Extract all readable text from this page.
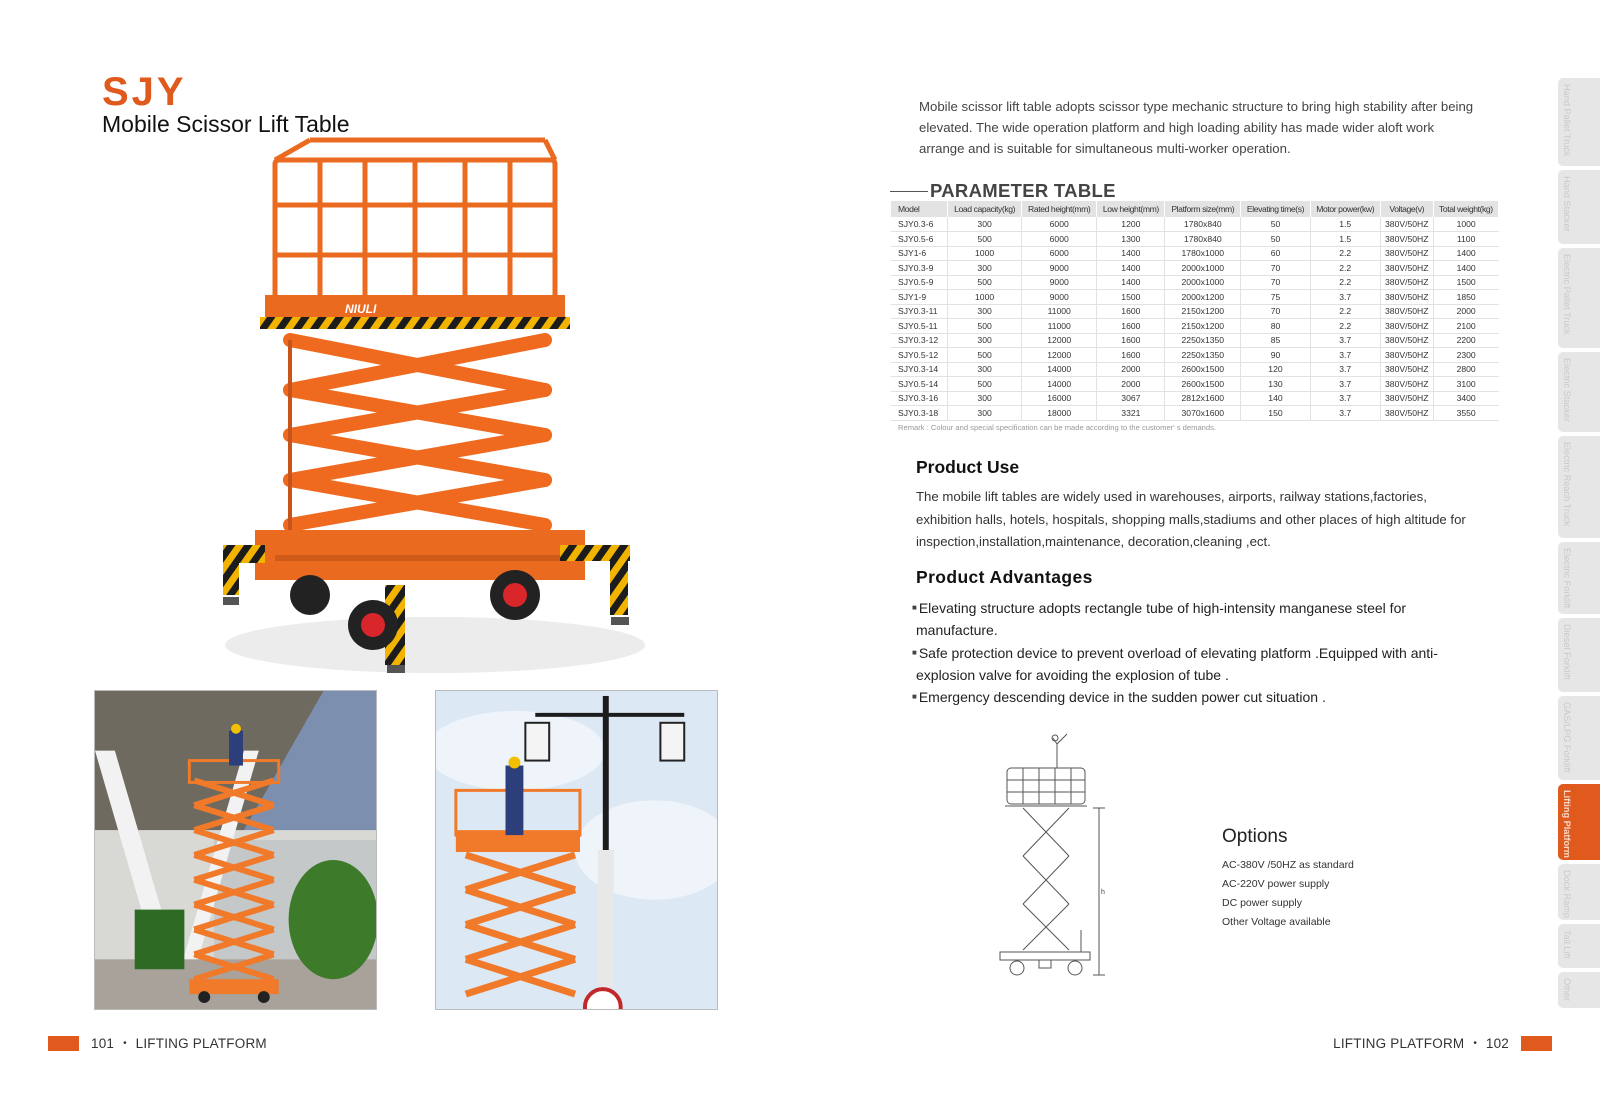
SJY
Mobile Scissor Lift Table
NIULI

Mobile scissor lift table adopts scissor type mechanic structure to bring high stability after being elevated. The wide operation platform and high loading ability has made wider aloft work arrange and is suitable for simultaneous multi-worker operation.

PARAMETER TABLE
Model	Load capacity(kg)	Rated height(mm)	Low height(mm)	Platform size(mm)	Elevating time(s)	Motor power(kw)	Voltage(v)	Total weight(kg)
SJY0.3-6	300	6000	1200	1780x840	50	1.5	380V/50HZ	1000
SJY0.5-6	500	6000	1300	1780x840	50	1.5	380V/50HZ	1100
SJY1-6	1000	6000	1400	1780x1000	60	2.2	380V/50HZ	1400
SJY0.3-9	300	9000	1400	2000x1000	70	2.2	380V/50HZ	1400
SJY0.5-9	500	9000	1400	2000x1000	70	2.2	380V/50HZ	1500
SJY1-9	1000	9000	1500	2000x1200	75	3.7	380V/50HZ	1850
SJY0.3-11	300	11000	1600	2150x1200	70	2.2	380V/50HZ	2000
SJY0.5-11	500	11000	1600	2150x1200	80	2.2	380V/50HZ	2100
SJY0.3-12	300	12000	1600	2250x1350	85	3.7	380V/50HZ	2200
SJY0.5-12	500	12000	1600	2250x1350	90	3.7	380V/50HZ	2300
SJY0.3-14	300	14000	2000	2600x1500	120	3.7	380V/50HZ	2800
SJY0.5-14	500	14000	2000	2600x1500	130	3.7	380V/50HZ	3100
SJY0.3-16	300	16000	3067	2812x1600	140	3.7	380V/50HZ	3400
SJY0.3-18	300	18000	3321	3070x1600	150	3.7	380V/50HZ	3550
Remark : Colour and special specification can be made according to the customer' s demands.
Product Use

The mobile lift tables are widely used in warehouses, airports, railway stations,factories, exhibition halls, hotels, hospitals, shopping malls,stadiums and other places of high altitude for inspection,installation,maintenance, decoration,cleaning ,ect.

Product Advantages
■ Elevating structure adopts rectangle tube of high-intensity manganese steel for manufacture.
■ Safe protection device to prevent overload of elevating platform .Equipped with anti-explosion valve for avoiding the explosion of tube .
■ Emergency descending device in the sudden power cut situation .
h
Options
AC-380V /50HZ as standard
AC-220V power supply
DC power supply
Other Voltage available
Hand Pallet Truck
Hand Stacker
Electric Pallet Truck
Electric Stacker
Electric Reach Truck
Electric Forklift
Diesel Forklift
GAS/LPG Forklift
Lifting Platform
Dock Ramp
Tail Lift
Other
101 • LIFTING PLATFORM	LIFTING PLATFORM • 102
